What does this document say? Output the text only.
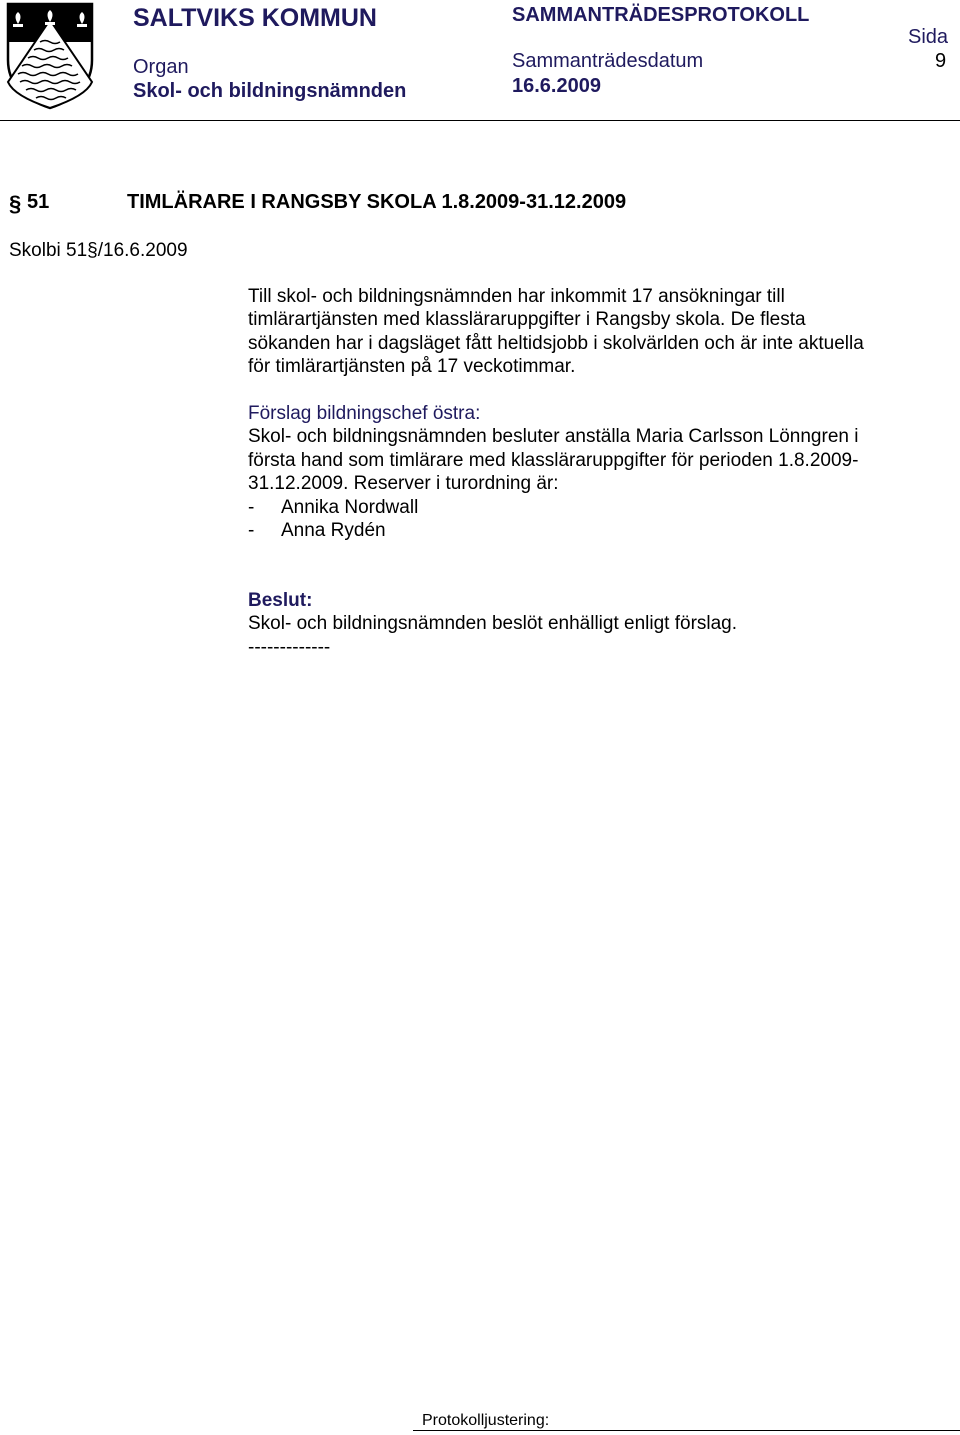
SALTVIKS KOMMUN	SAMMANTRÄDESPROTOKOLL
Sida
Organ	Sammanträdesdatum	9
Skol- och bildningsnämnden	16.6.2009
§ 51	TIMLÄRARE I RANGSBY SKOLA 1.8.2009-31.12.2009
Skolbi 51§/16.6.2009

Till skol- och bildningsnämnden har inkommit 17 ansökningar till

timlärartjänsten med klassläraruppgifter i Rangsby skola. De flesta

sökanden har i dagsläget fått heltidsjobb i skolvärlden och är inte aktuella

för timlärartjänsten på 17 veckotimmar.

Förslag bildningschef östra:

Skol- och bildningsnämnden besluter anställa Maria Carlsson Lönngren i

första hand som timlärare med klassläraruppgifter för perioden 1.8.2009-

31.12.2009. Reserver i turordning är:

- Annika Nordwall

- Anna Rydén

Beslut:

Skol- och bildningsnämnden beslöt enhälligt enligt förslag.

-------------

Protokolljustering:
